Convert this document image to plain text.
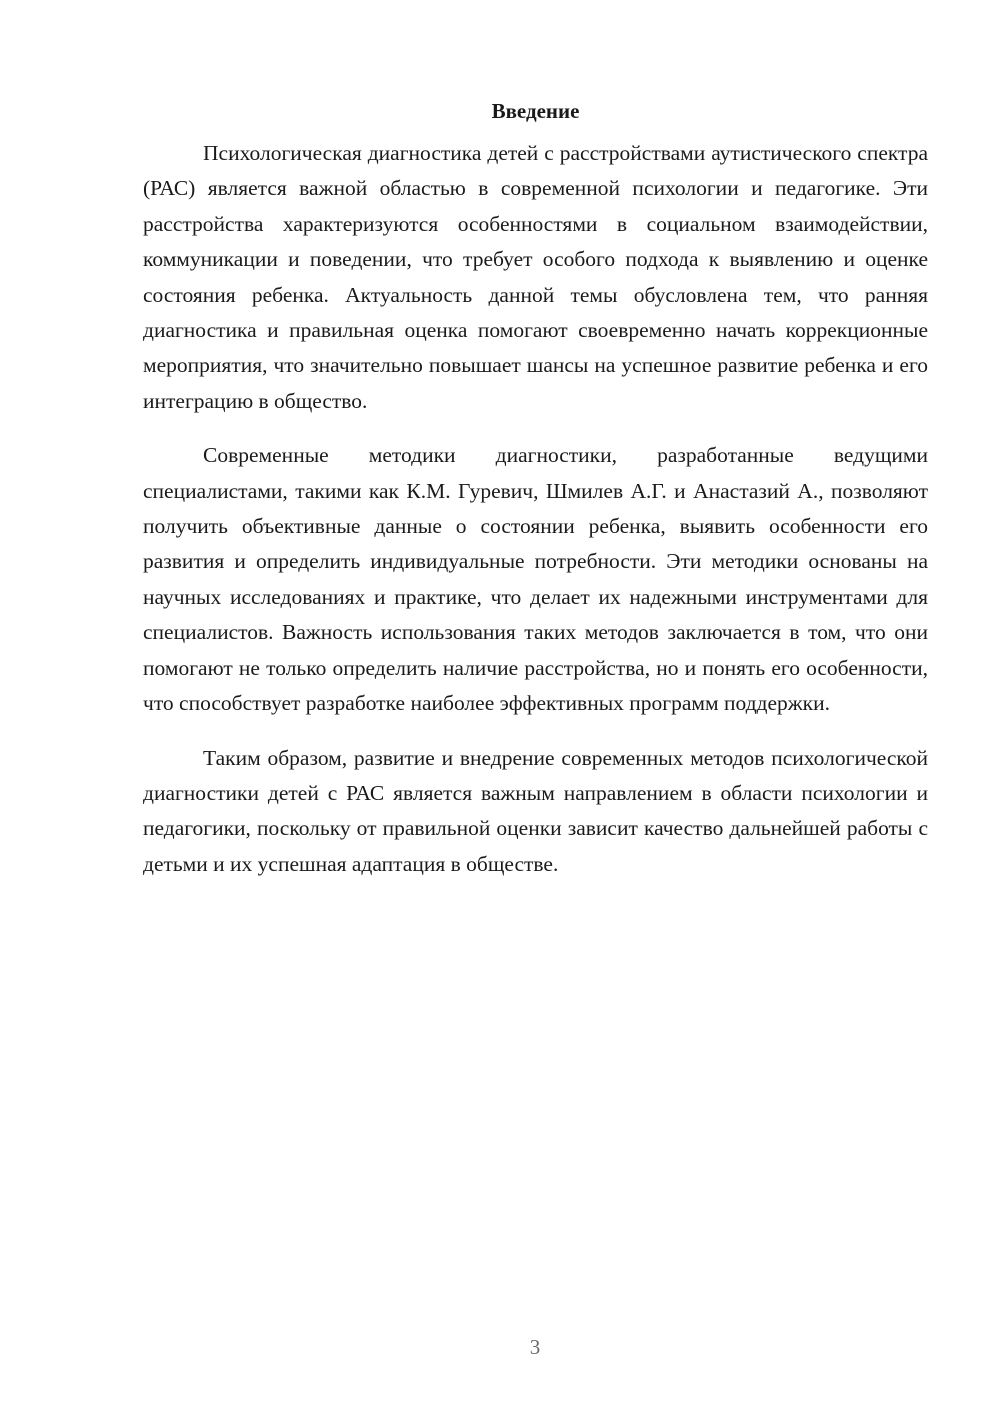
Введение

Психологическая диагностика детей с расстройствами аутистического спектра (РАС) является важной областью в современной психологии и педагогике. Эти расстройства характеризуются особенностями в социальном взаимодействии, коммуникации и поведении, что требует особого подхода к выявлению и оценке состояния ребенка. Актуальность данной темы обусловлена тем, что ранняя диагностика и правильная оценка помогают своевременно начать коррекционные мероприятия, что значительно повышает шансы на успешное развитие ребенка и его интеграцию в общество.

Современные методики диагностики, разработанные ведущими специалистами, такими как К.М. Гуревич, Шмилев А.Г. и Анастазий А., позволяют получить объективные данные о состоянии ребенка, выявить особенности его развития и определить индивидуальные потребности. Эти методики основаны на научных исследованиях и практике, что делает их надежными инструментами для специалистов. Важность использования таких методов заключается в том, что они помогают не только определить наличие расстройства, но и понять его особенности, что способствует разработке наиболее эффективных программ поддержки.

Таким образом, развитие и внедрение современных методов психологической диагностики детей с РАС является важным направлением в области психологии и педагогики, поскольку от правильной оценки зависит качество дальнейшей работы с детьми и их успешная адаптация в обществе.

3
